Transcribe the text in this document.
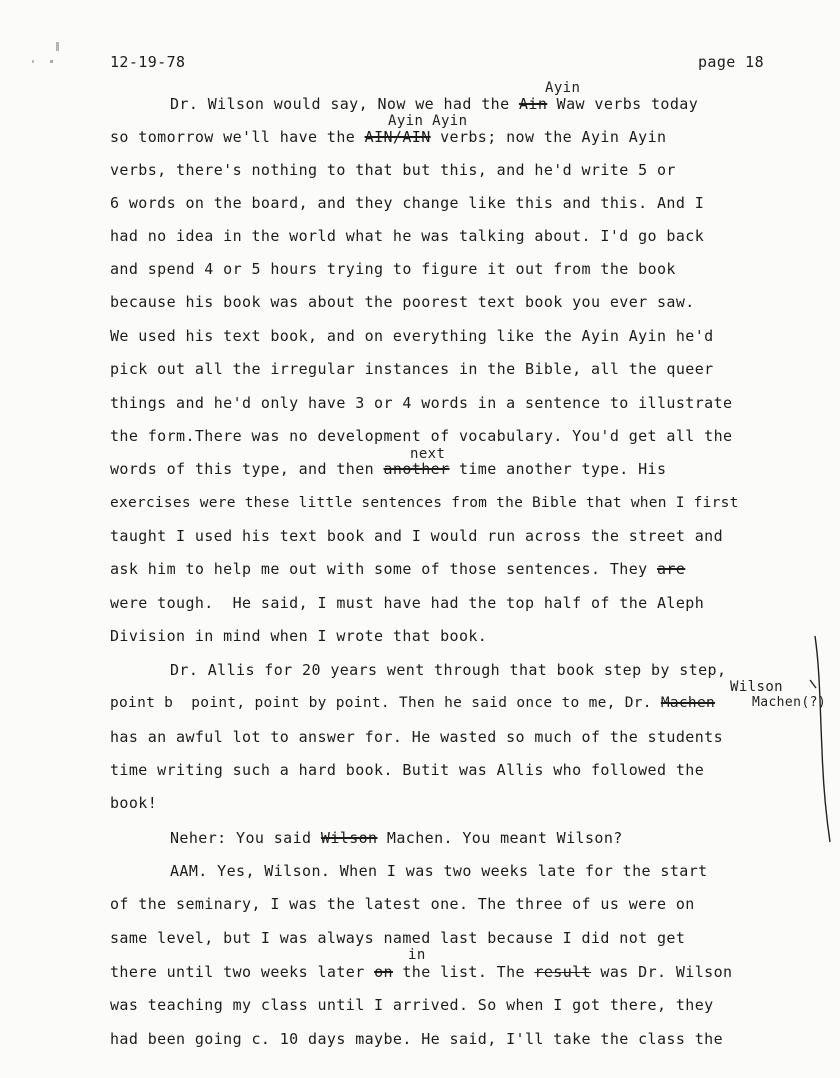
12-19-78	page 18
Ayin
Ayin Ayin
next
Wilson
in
Dr. Wilson would say, Now we had the Ain Waw verbs today
so tomorrow we'll have the AIN/AIN verbs; now the Ayin Ayin
verbs, there's nothing to that but this, and he'd write 5 or
6 words on the board, and they change like this and this. And I
had no idea in the world what he was talking about. I'd go back
and spend 4 or 5 hours trying to figure it out from the book
because his book was about the poorest text book you ever saw.
We used his text book, and on everything like the Ayin Ayin he'd
pick out all the irregular instances in the Bible, all the queer
things and he'd only have 3 or 4 words in a sentence to illustrate
the form.There was no development of vocabulary. You'd get all the
words of this type, and then another time another type. His
exercises were these little sentences from the Bible that when I first
taught I used his text book and I would run across the street and
ask him to help me out with some of those sentences. They are
were tough.  He said, I must have had the top half of the Aleph
Division in mind when I wrote that book.
Dr. Allis for 20 years went through that book step by step,
point b  point, point by point. Then he said once to me, Dr. Machen
has an awful lot to answer for. He wasted so much of the students
time writing such a hard book. Butit was Allis who followed the
book!
Neher: You said Wilson Machen. You meant Wilson?
AAM. Yes, Wilson. When I was two weeks late for the start
of the seminary, I was the latest one. The three of us were on
same level, but I was always named last because I did not get
there until two weeks later on the list. The result was Dr. Wilson
was teaching my class until I arrived. So when I got there, they
had been going c. 10 days maybe. He said, I'll take the class the
Machen(?)
